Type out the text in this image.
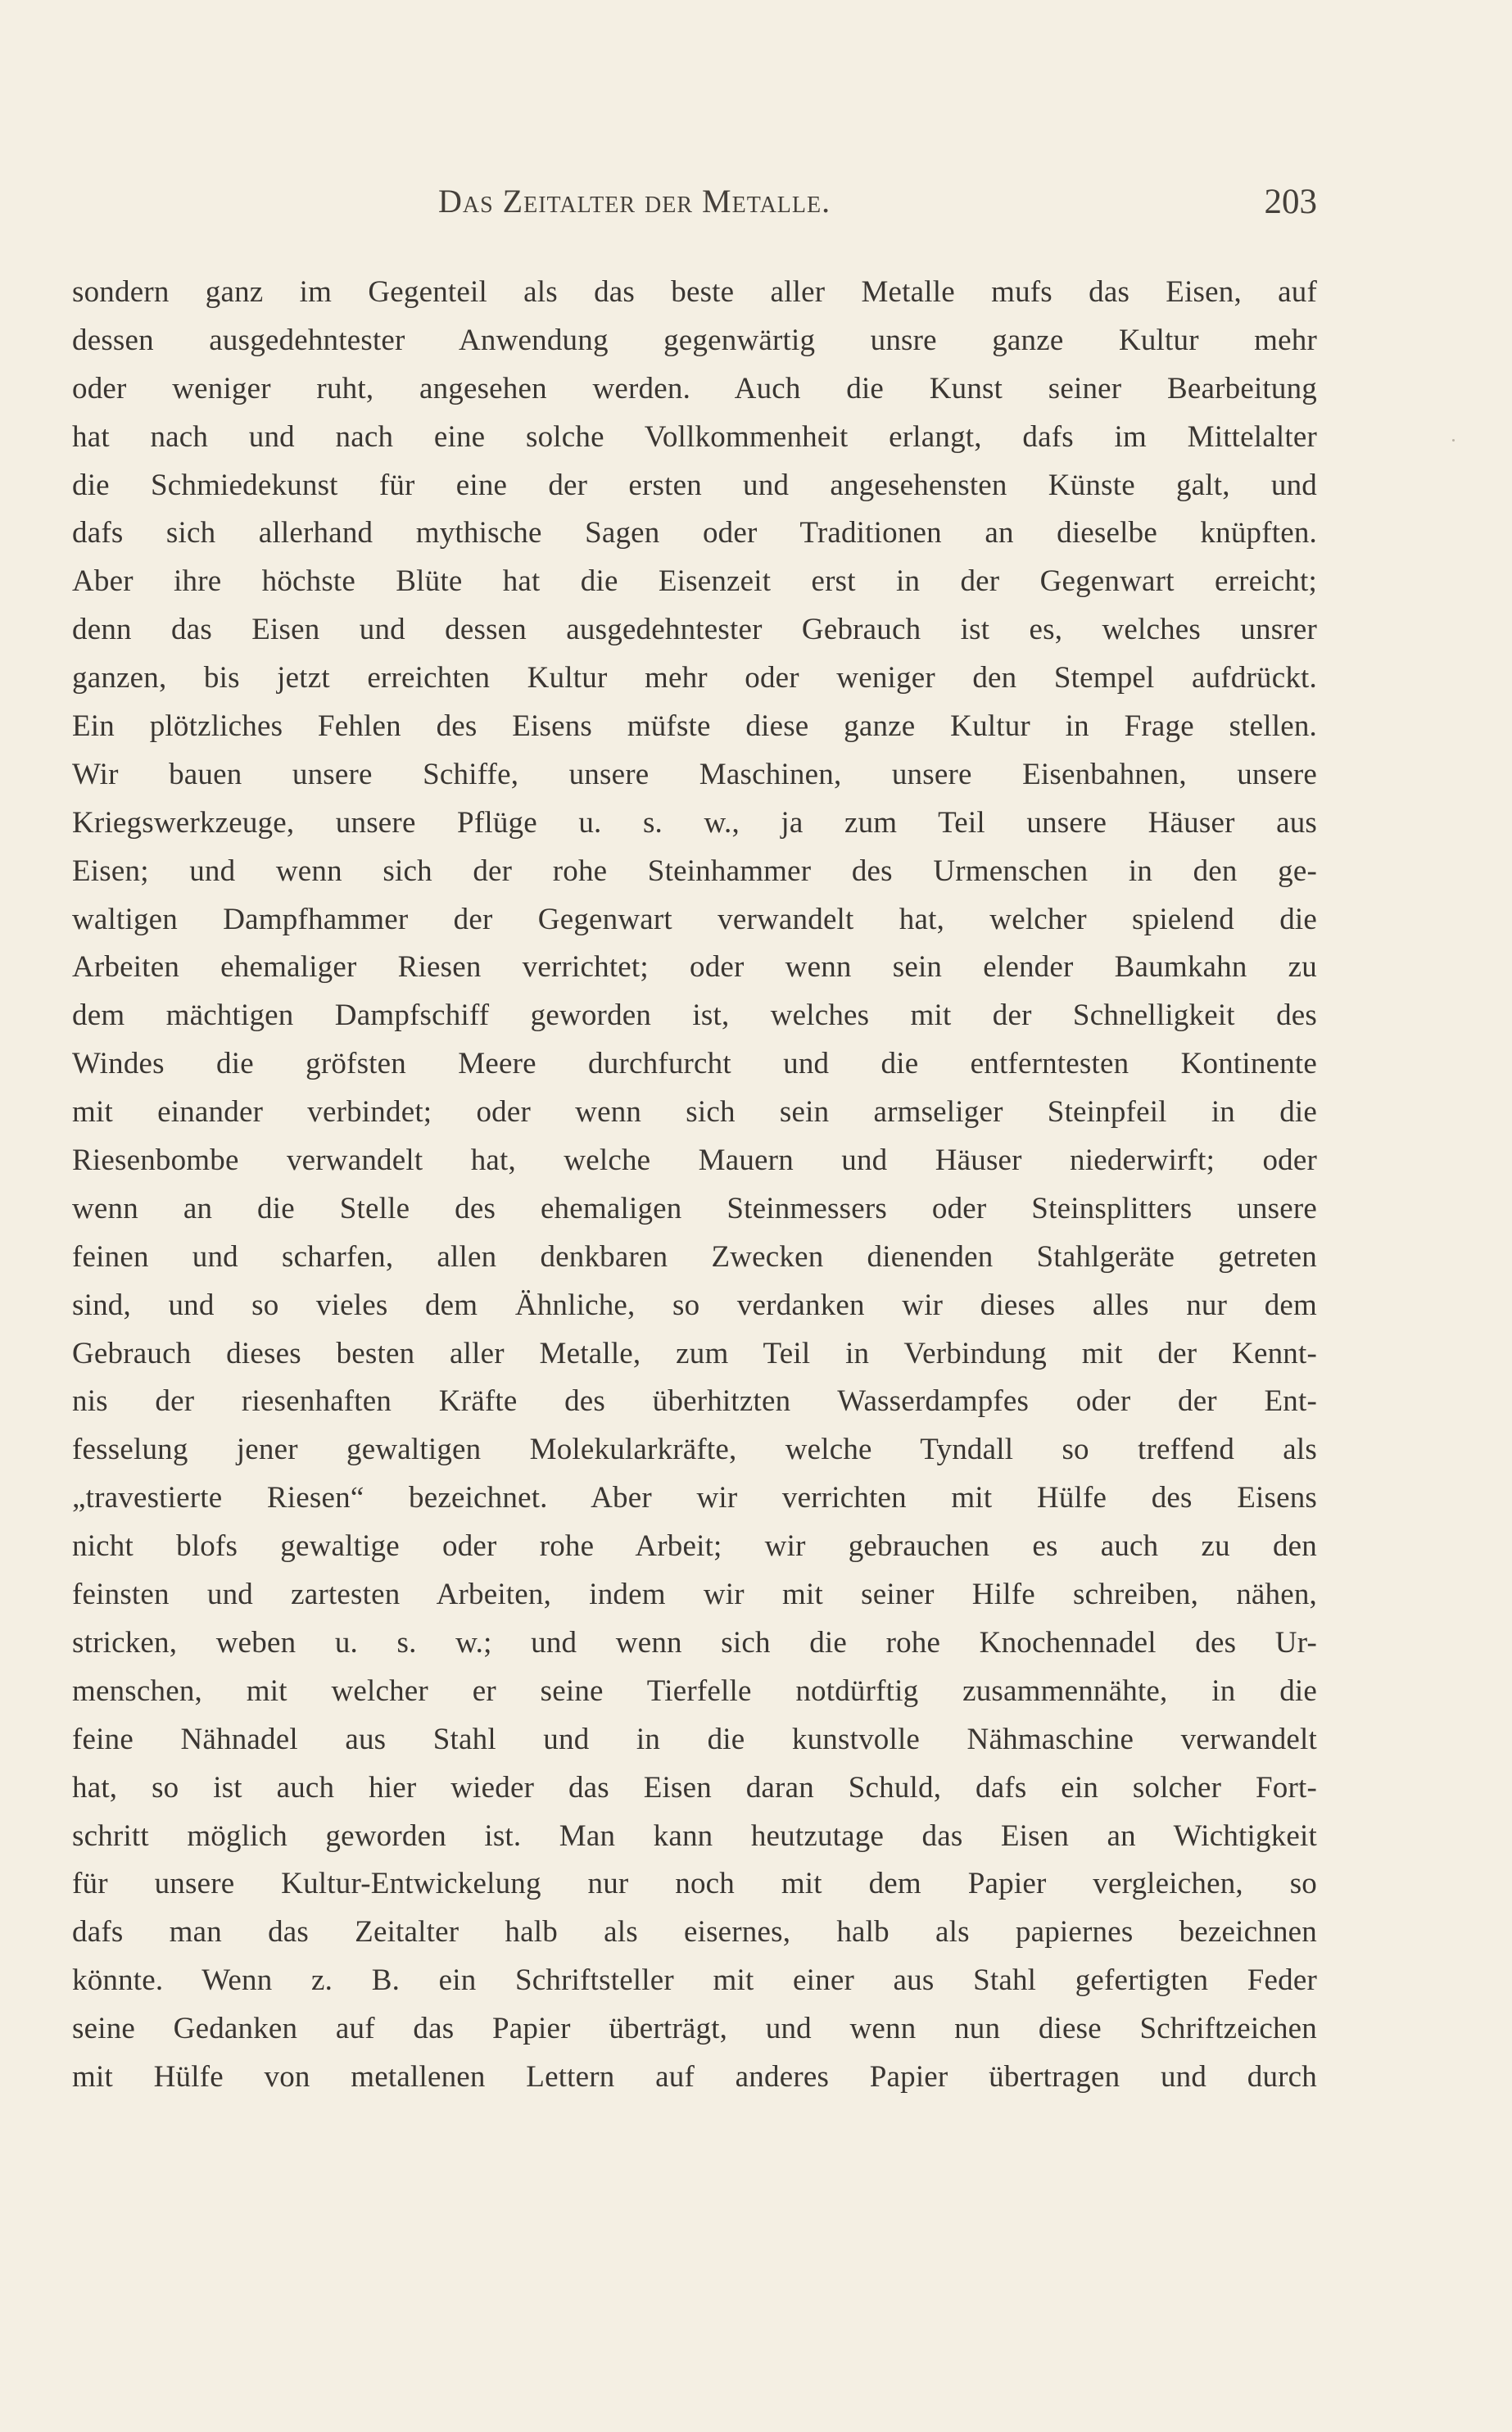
Das Zeitalter der Metalle.	203
sondern ganz im Gegenteil als das beste aller Metalle mufs das Eisen, auf
dessen ausgedehntester Anwendung gegenwärtig unsre ganze Kultur mehr
oder weniger ruht, angesehen werden. Auch die Kunst seiner Bearbeitung
hat nach und nach eine solche Vollkommenheit erlangt, dafs im Mittelalter
die Schmiedekunst für eine der ersten und angesehensten Künste galt, und
dafs sich allerhand mythische Sagen oder Traditionen an dieselbe knüpften.
Aber ihre höchste Blüte hat die Eisenzeit erst in der Gegenwart erreicht;
denn das Eisen und dessen ausgedehntester Gebrauch ist es, welches unsrer
ganzen, bis jetzt erreichten Kultur mehr oder weniger den Stempel aufdrückt.
Ein plötzliches Fehlen des Eisens müfste diese ganze Kultur in Frage stellen.
Wir bauen unsere Schiffe, unsere Maschinen, unsere Eisenbahnen, unsere
Kriegswerkzeuge, unsere Pflüge u. s. w., ja zum Teil unsere Häuser aus
Eisen; und wenn sich der rohe Steinhammer des Urmenschen in den ge-
waltigen Dampfhammer der Gegenwart verwandelt hat, welcher spielend die
Arbeiten ehemaliger Riesen verrichtet; oder wenn sein elender Baumkahn zu
dem mächtigen Dampfschiff geworden ist, welches mit der Schnelligkeit des
Windes die gröfsten Meere durchfurcht und die entferntesten Kontinente
mit einander verbindet; oder wenn sich sein armseliger Steinpfeil in die
Riesenbombe verwandelt hat, welche Mauern und Häuser niederwirft; oder
wenn an die Stelle des ehemaligen Steinmessers oder Steinsplitters unsere
feinen und scharfen, allen denkbaren Zwecken dienenden Stahlgeräte getreten
sind, und so vieles dem Ähnliche, so verdanken wir dieses alles nur dem
Gebrauch dieses besten aller Metalle, zum Teil in Verbindung mit der Kennt-
nis der riesenhaften Kräfte des überhitzten Wasserdampfes oder der Ent-
fesselung jener gewaltigen Molekularkräfte, welche Tyndall so treffend als
„travestierte Riesen“ bezeichnet. Aber wir verrichten mit Hülfe des Eisens
nicht blofs gewaltige oder rohe Arbeit; wir gebrauchen es auch zu den
feinsten und zartesten Arbeiten, indem wir mit seiner Hilfe schreiben, nähen,
stricken, weben u. s. w.; und wenn sich die rohe Knochennadel des Ur-
menschen, mit welcher er seine Tierfelle notdürftig zusammennähte, in die
feine Nähnadel aus Stahl und in die kunstvolle Nähmaschine verwandelt
hat, so ist auch hier wieder das Eisen daran Schuld, dafs ein solcher Fort-
schritt möglich geworden ist. Man kann heutzutage das Eisen an Wichtigkeit
für unsere Kultur-Entwickelung nur noch mit dem Papier vergleichen, so
dafs man das Zeitalter halb als eisernes, halb als papiernes bezeichnen
könnte. Wenn z. B. ein Schriftsteller mit einer aus Stahl gefertigten Feder
seine Gedanken auf das Papier überträgt, und wenn nun diese Schriftzeichen
mit Hülfe von metallenen Lettern auf anderes Papier übertragen und durch
